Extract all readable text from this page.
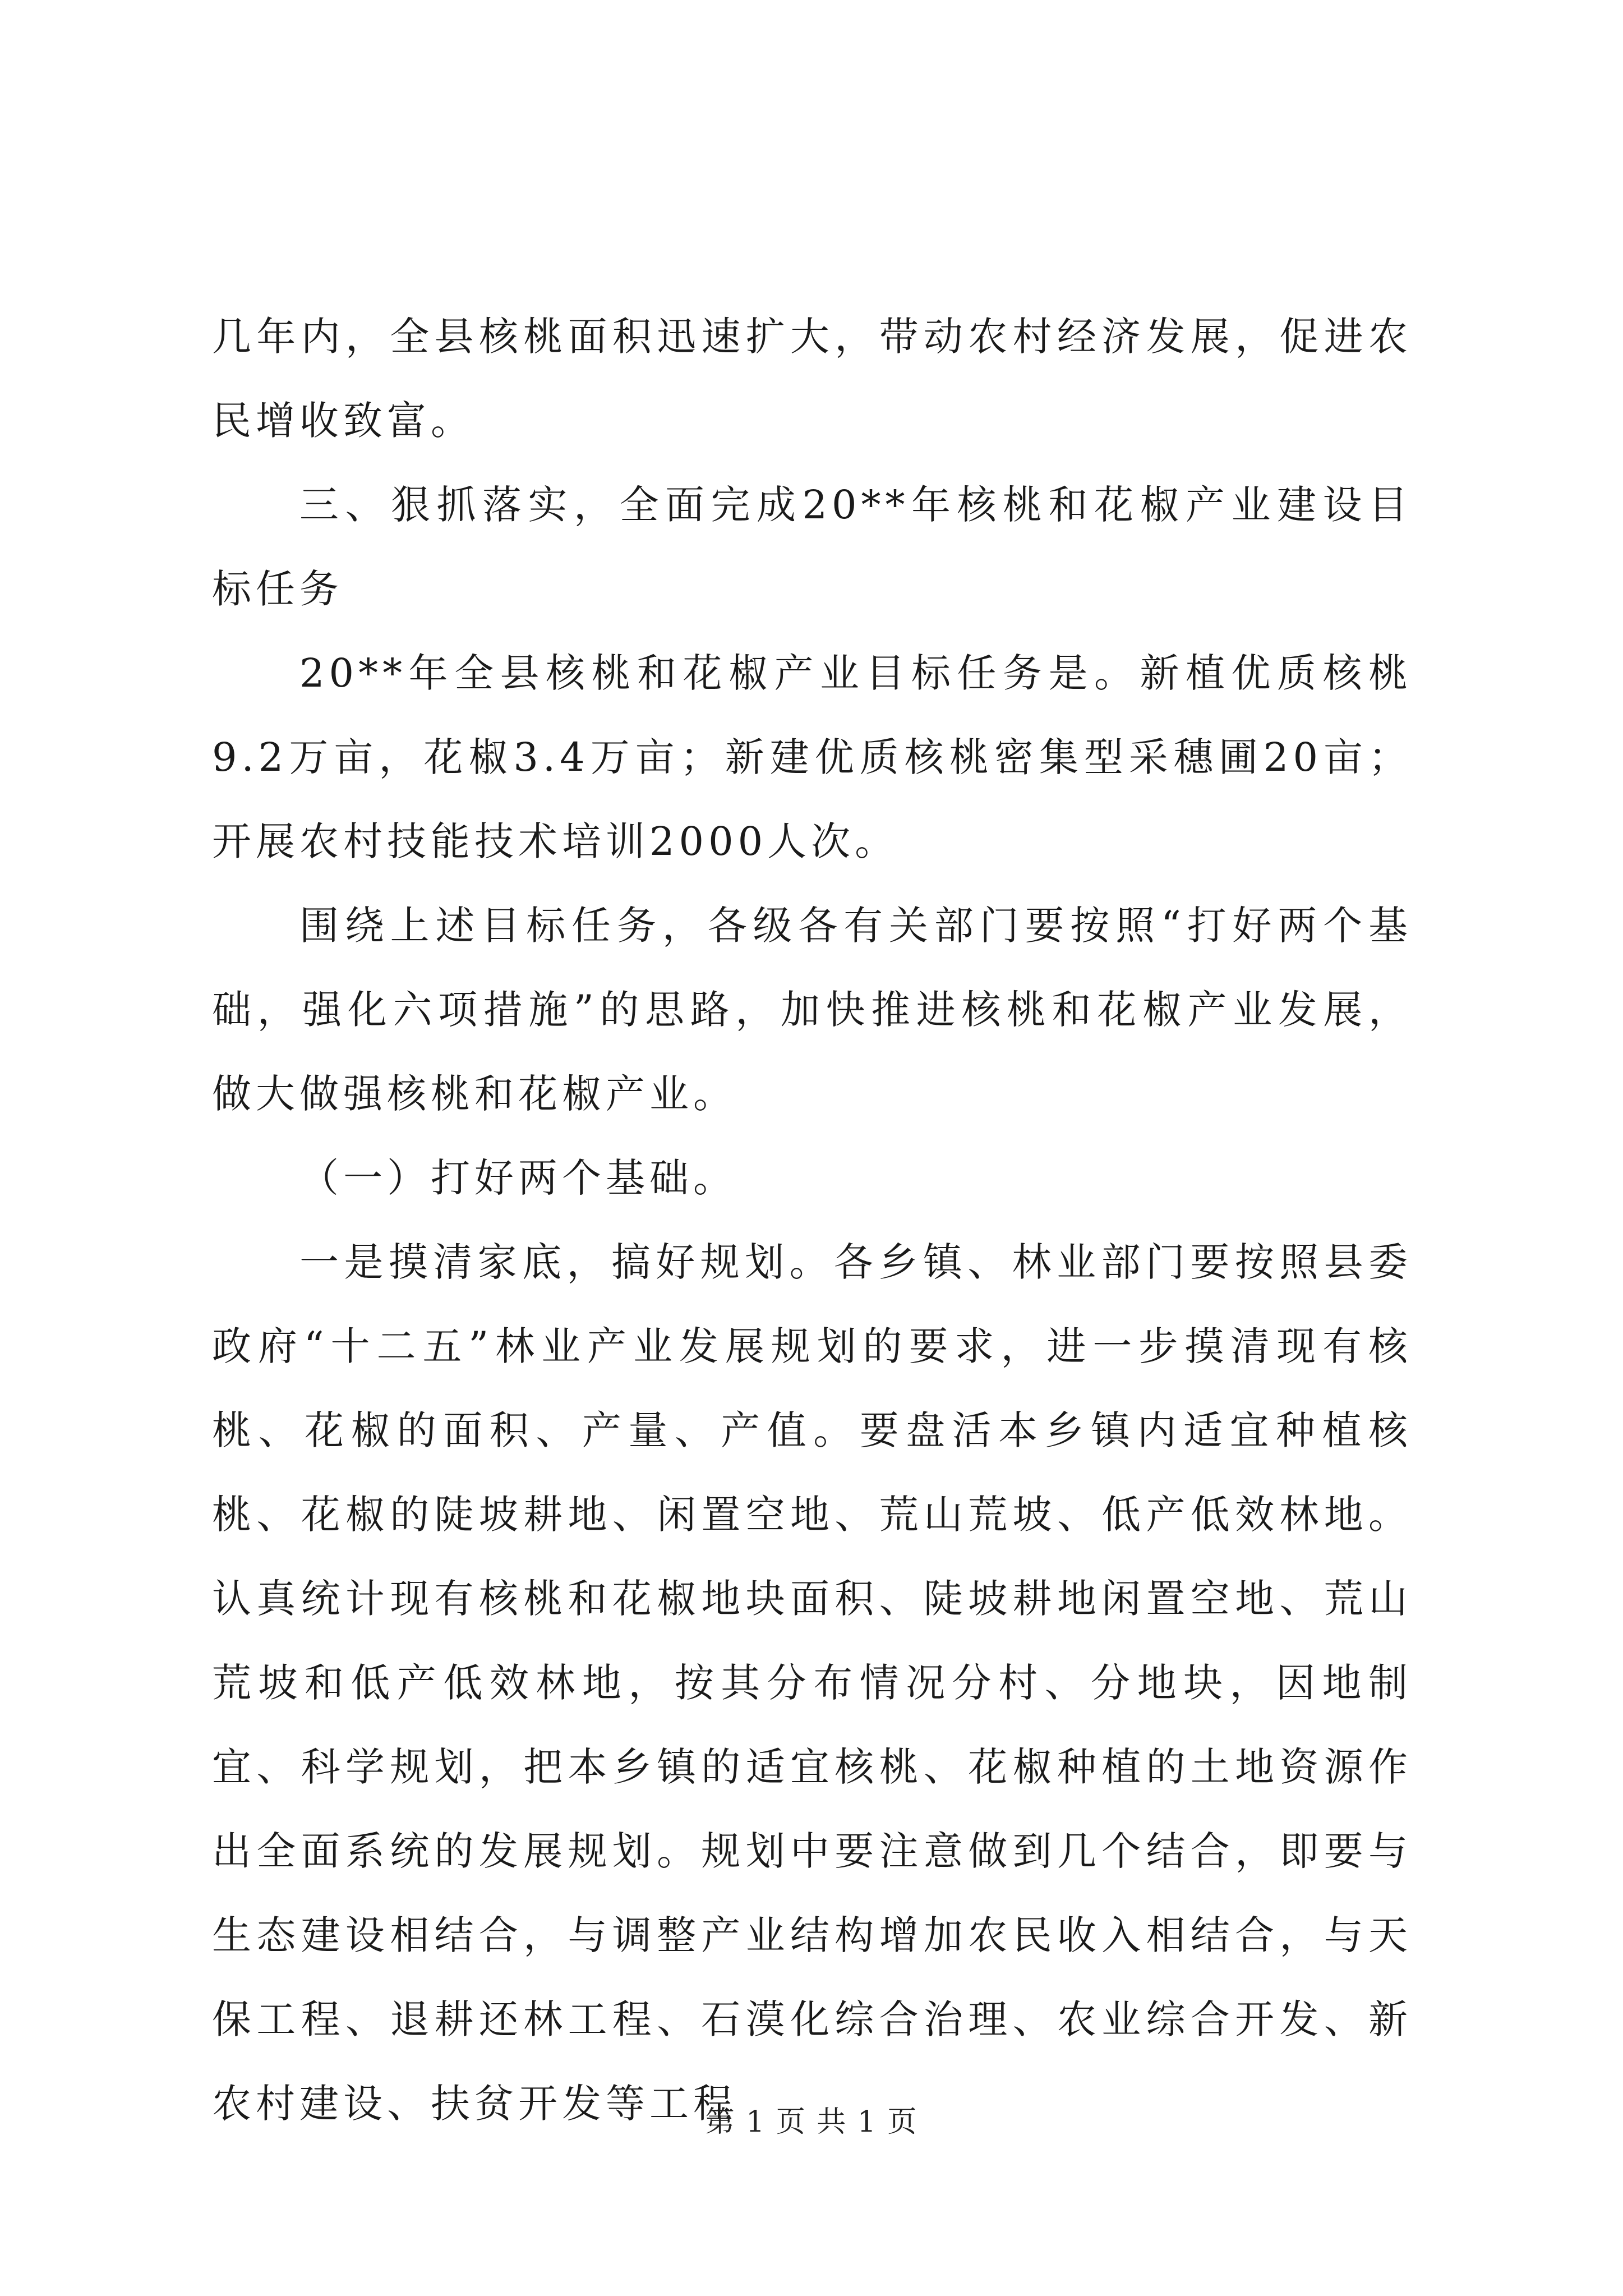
几年内，全县核桃面积迅速扩大，带动农村经济发展，促进农民增收致富。

三、狠抓落实，全面完成20**年核桃和花椒产业建设目标任务

20**年全县核桃和花椒产业目标任务是。新植优质核桃9.2万亩，花椒3.4万亩；新建优质核桃密集型采穗圃20亩；开展农村技能技术培训2000人次。

围绕上述目标任务，各级各有关部门要按照“打好两个基础，强化六项措施”的思路，加快推进核桃和花椒产业发展，做大做强核桃和花椒产业。

（一）打好两个基础。

一是摸清家底，搞好规划。各乡镇、林业部门要按照县委政府“十二五”林业产业发展规划的要求，进一步摸清现有核桃、花椒的面积、产量、产值。要盘活本乡镇内适宜种植核桃、花椒的陡坡耕地、闲置空地、荒山荒坡、低产低效林地。认真统计现有核桃和花椒地块面积、陡坡耕地闲置空地、荒山荒坡和低产低效林地，按其分布情况分村、分地块，因地制宜、科学规划，把本乡镇的适宜核桃、花椒种植的土地资源作出全面系统的发展规划。规划中要注意做到几个结合，即要与生态建设相结合，与调整产业结构增加农民收入相结合，与天保工程、退耕还林工程、石漠化综合治理、农业综合开发、新农村建设、扶贫开发等工程

第 1 页 共 1 页
